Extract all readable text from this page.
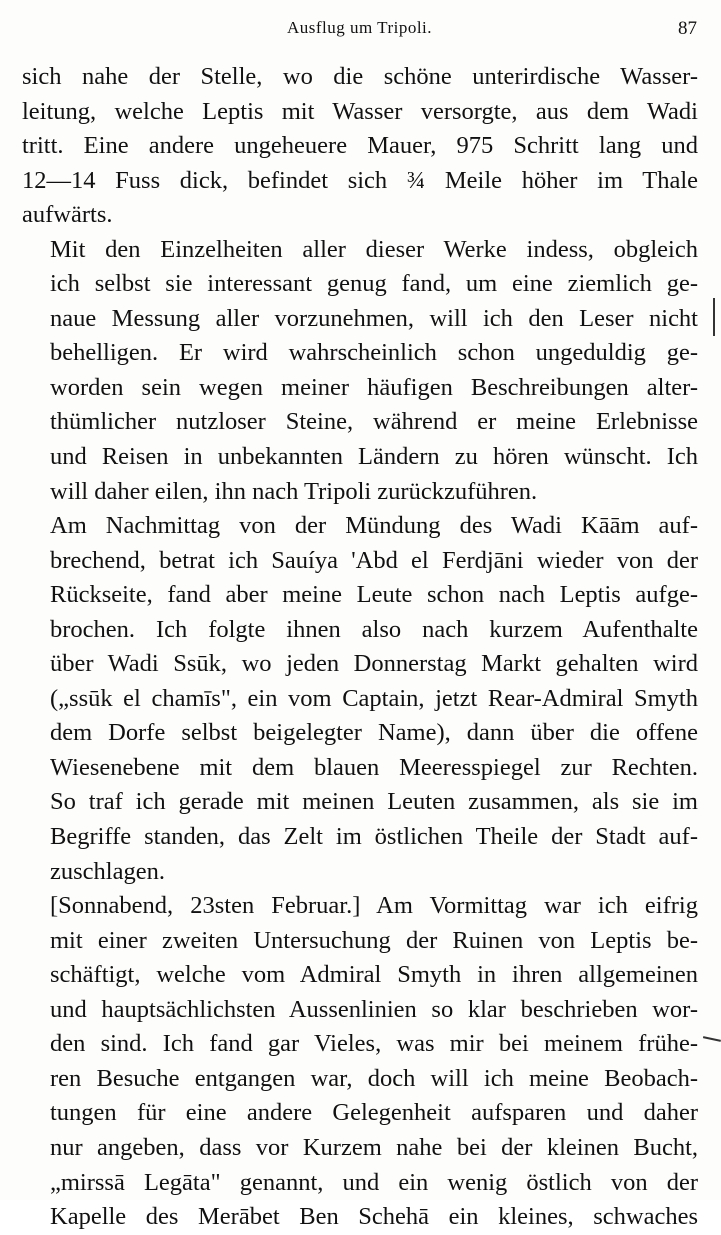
Ausflug um Tripoli.	87

sich nahe der Stelle, wo die schöne unterirdische Wasser-
leitung, welche Leptis mit Wasser versorgte, aus dem Wadi
tritt. Eine andere ungeheuere Mauer, 975 Schritt lang und
12—14 Fuss dick, befindet sich ¾ Meile höher im Thale
aufwärts.

Mit den Einzelheiten aller dieser Werke indess, obgleich
ich selbst sie interessant genug fand, um eine ziemlich ge-
naue Messung aller vorzunehmen, will ich den Leser nicht
behelligen. Er wird wahrscheinlich schon ungeduldig ge-
worden sein wegen meiner häufigen Beschreibungen alter-
thümlicher nutzloser Steine, während er meine Erlebnisse
und Reisen in unbekannten Ländern zu hören wünscht. Ich
will daher eilen, ihn nach Tripoli zurückzuführen.

Am Nachmittag von der Mündung des Wadi Kāām auf-
brechend, betrat ich Sauíya 'Abd el Ferdjāni wieder von der
Rückseite, fand aber meine Leute schon nach Leptis aufge-
brochen. Ich folgte ihnen also nach kurzem Aufenthalte
über Wadi Ssūk, wo jeden Donnerstag Markt gehalten wird
(„ssūk el chamīs", ein vom Captain, jetzt Rear-Admiral Smyth
dem Dorfe selbst beigelegter Name), dann über die offene
Wiesenebene mit dem blauen Meeresspiegel zur Rechten.
So traf ich gerade mit meinen Leuten zusammen, als sie im
Begriffe standen, das Zelt im östlichen Theile der Stadt auf-
zuschlagen.

[Sonnabend, 23sten Februar.] Am Vormittag war ich eifrig
mit einer zweiten Untersuchung der Ruinen von Leptis be-
schäftigt, welche vom Admiral Smyth in ihren allgemeinen
und hauptsächlichsten Aussenlinien so klar beschrieben wor-
den sind. Ich fand gar Vieles, was mir bei meinem frühe-
ren Besuche entgangen war, doch will ich meine Beobach-
tungen für eine andere Gelegenheit aufsparen und daher
nur angeben, dass vor Kurzem nahe bei der kleinen Bucht,
„mirssā Legāta" genannt, und ein wenig östlich von der
Kapelle des Merābet Ben Schehā ein kleines, schwaches
